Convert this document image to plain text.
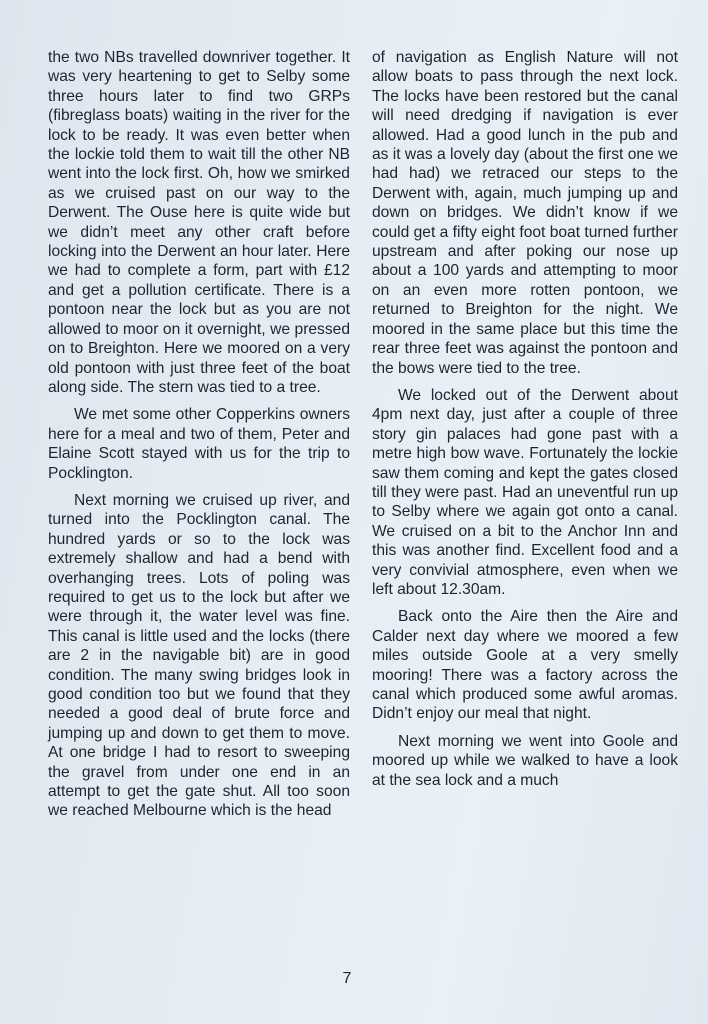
the two NBs travelled downriver together. It was very heartening to get to Selby some three hours later to find two GRPs (fibreglass boats) waiting in the river for the lock to be ready. It was even better when the lockie told them to wait till the other NB went into the lock first. Oh, how we smirked as we cruised past on our way to the Derwent. The Ouse here is quite wide but we didn’t meet any other craft before locking into the Derwent an hour later. Here we had to complete a form, part with £12 and get a pollution certificate. There is a pontoon near the lock but as you are not allowed to moor on it overnight, we pressed on to Breighton. Here we moored on a very old pontoon with just three feet of the boat along side. The stern was tied to a tree.

We met some other Copperkins owners here for a meal and two of them, Peter and Elaine Scott stayed with us for the trip to Pocklington.

Next morning we cruised up river, and turned into the Pocklington canal. The hundred yards or so to the lock was extremely shallow and had a bend with overhanging trees. Lots of poling was required to get us to the lock but after we were through it, the water level was fine. This canal is little used and the locks (there are 2 in the navigable bit) are in good condition. The many swing bridges look in good condition too but we found that they needed a good deal of brute force and jumping up and down to get them to move. At one bridge I had to resort to sweeping the gravel from under one end in an attempt to get the gate shut. All too soon we reached Melbourne which is the head

of navigation as English Nature will not allow boats to pass through the next lock. The locks have been restored but the canal will need dredging if navigation is ever allowed. Had a good lunch in the pub and as it was a lovely day (about the first one we had had) we retraced our steps to the Derwent with, again, much jumping up and down on bridges. We didn’t know if we could get a fifty eight foot boat turned further upstream and after poking our nose up about a 100 yards and attempting to moor on an even more rotten pontoon, we returned to Breighton for the night. We moored in the same place but this time the rear three feet was against the pontoon and the bows were tied to the tree.

We locked out of the Derwent about 4pm next day, just after a couple of three story gin palaces had gone past with a metre high bow wave. Fortunately the lockie saw them coming and kept the gates closed till they were past. Had an uneventful run up to Selby where we again got onto a canal. We cruised on a bit to the Anchor Inn and this was another find. Excellent food and a very convivial atmosphere, even when we left about 12.30am.

Back onto the Aire then the Aire and Calder next day where we moored a few miles outside Goole at a very smelly mooring! There was a factory across the canal which produced some awful aromas. Didn’t enjoy our meal that night.

Next morning we went into Goole and moored up while we walked to have a look at the sea lock and a much

7
